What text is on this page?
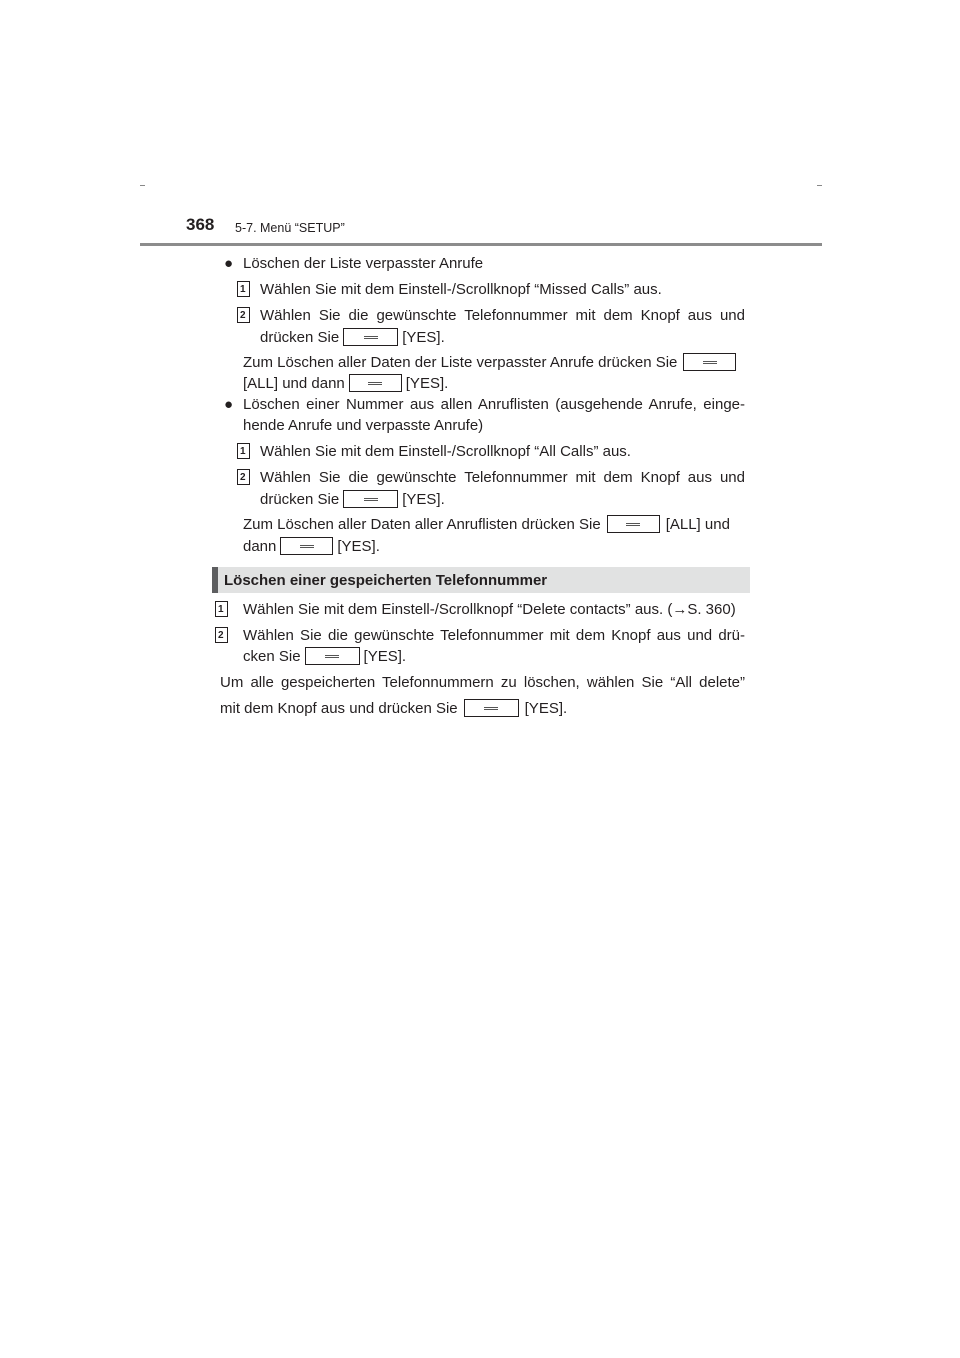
368 5-7. Menü “SETUP”
● Löschen der Liste verpasster Anrufe
1 Wählen Sie mit dem Einstell-/Scrollknopf “Missed Calls” aus.
2 Wählen Sie die gewünschte Telefonnummer mit dem Knopf aus und
drücken Sie	[YES].
Zum Löschen aller Daten der Liste verpasster Anrufe drücken Sie
[ALL] und dann	[YES].
● Löschen einer Nummer aus allen Anruflisten (ausgehende Anrufe, einge-
hende Anrufe und verpasste Anrufe)
1 Wählen Sie mit dem Einstell-/Scrollknopf “All Calls” aus.
2 Wählen Sie die gewünschte Telefonnummer mit dem Knopf aus und
drücken Sie	[YES].
Zum Löschen aller Daten aller Anruflisten drücken Sie	[ALL] und
dann	[YES].
Löschen einer gespeicherten Telefonnummer
1 Wählen Sie mit dem Einstell-/Scrollknopf “Delete contacts” aus. (→S. 360)
2 Wählen Sie die gewünschte Telefonnummer mit dem Knopf aus und drü-
cken Sie	[YES].
Um alle gespeicherten Telefonnummern zu löschen, wählen Sie “All delete”
mit dem Knopf aus und drücken Sie	[YES].
